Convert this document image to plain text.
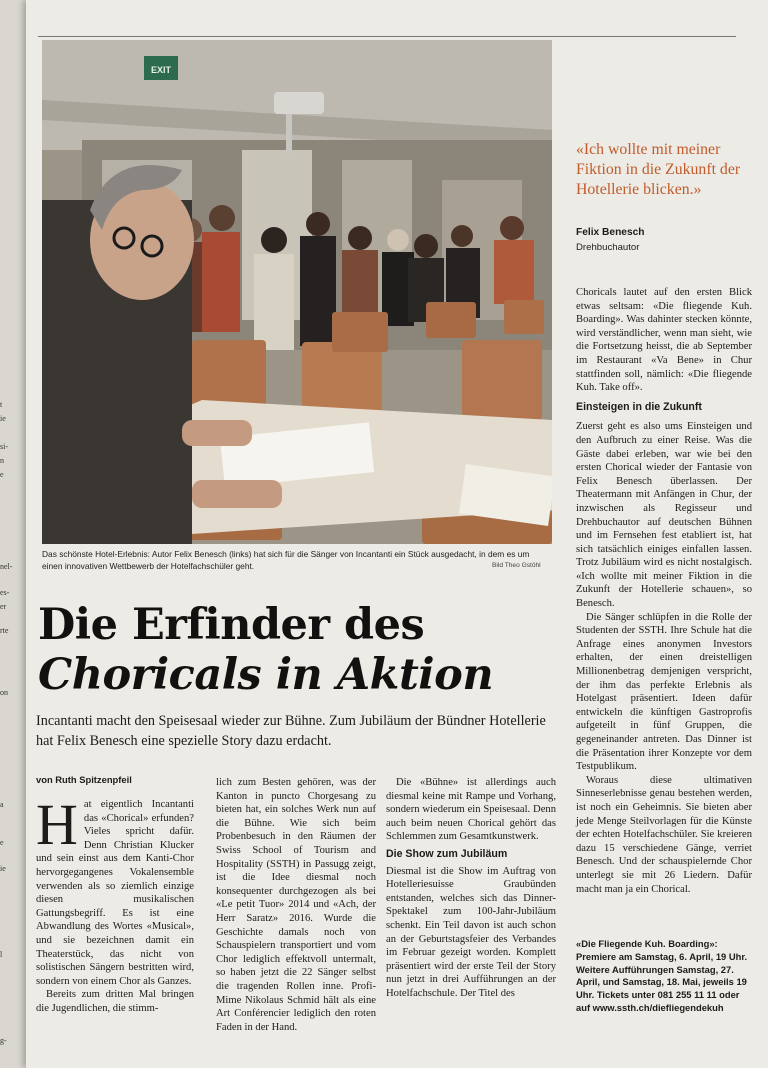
t
ie
si-
n
e
nel-
es-
er
rte
on
a
e
ie
l
g-
EXIT
Das schönste Hotel-Erlebnis: Autor Felix Benesch (links) hat sich für die Sänger von Incantanti ein Stück ausgedacht, in dem es um einen innovativen Wettbewerb der Hotelfachschüler geht.	Bild Theo Gstöhl
«Ich wollte mit meiner Fiktion in die Zukunft der Hotellerie blicken.»
Felix Benesch
Drehbuchautor

Choricals lautet auf den ersten Blick etwas seltsam: «Die fliegende Kuh. Boarding». Was dahinter stecken könnte, wird verständlicher, wenn man sieht, wie die Fortsetzung heisst, die ab September im Restaurant «Va Bene» in Chur stattfinden soll, nämlich: «Die fliegende Kuh. Take off».

Einsteigen in die Zukunft

Zuerst geht es also ums Einsteigen und den Aufbruch zu einer Reise. Was die Gäste dabei erleben, war wie bei den ersten Chorical wieder der Fantasie von Felix Benesch überlassen. Der Theatermann mit Anfängen in Chur, der inzwischen als Regisseur und Drehbuchautor auf deutschen Bühnen und im Fernsehen fest etabliert ist, hat sich tatsächlich einiges einfallen lassen. Trotz Jubiläum wird es nicht nostalgisch. «Ich wollte mit meiner Fiktion in die Zukunft der Hotellerie schauen», so Benesch.

Die Sänger schlüpfen in die Rolle der Studenten der SSTH. Ihre Schule hat die Anfrage eines anonymen Investors erhalten, der einen dreistelligen Millionenbetrag demjenigen verspricht, der ihm das perfekte Erlebnis als Hotelgast präsentiert. Ideen dafür entwickeln die künftigen Gastroprofis aufgeteilt in fünf Gruppen, die gegeneinander antreten. Das Dinner ist die Präsentation ihrer Konzepte vor dem Testpublikum.

Woraus diese ultimativen Sinneserlebnisse genau bestehen werden, ist noch ein Geheimnis. Sie bieten aber jede Menge Steilvorlagen für die Künste der echten Hotelfachschüler. Sie kreieren dazu 15 verschiedene Gänge, verriet Benesch. Und der schauspielernde Chor unterlegt sie mit 26 Liedern. Dafür macht man ja ein Chorical.

«Die Fliegende Kuh. Boarding»: Premiere am Samstag, 6. April, 19 Uhr. Weitere Aufführungen Samstag, 27. April, und Samstag, 18. Mai, jeweils 19 Uhr. Tickets unter 081 255 11 11 oder auf www.ssth.ch/diefliegendekuh
Die Erfinder des
Choricals in Aktion
Incantanti macht den Speisesaal wieder zur Bühne. Zum Jubiläum der Bündner Hotellerie hat Felix Benesch eine spezielle Story dazu erdacht.
von Ruth Spitzenpfeil

Hat eigentlich Incantanti das «Chorical» erfunden? Vieles spricht dafür. Denn Christian Klucker und sein einst aus dem Kanti-Chor hervorgegangenes Vokalensemble verwenden als so ziemlich einzige diesen musikalischen Gattungsbegriff. Es ist eine Abwandlung des Wortes «Musical», und sie bezeichnen damit ein Theaterstück, das nicht von solistischen Sängern bestritten wird, sondern von einem Chor als Ganzes.

Bereits zum dritten Mal bringen die Jugendlichen, die stimm-

lich zum Besten gehören, was der Kanton in puncto Chorgesang zu bieten hat, ein solches Werk nun auf die Bühne. Wie sich beim Probenbesuch in den Räumen der Swiss School of Tourism and Hospitality (SSTH) in Passugg zeigt, ist die Idee diesmal noch konsequenter durchgezogen als bei «Le petit Tuor» 2014 und «Ach, der Herr Saratz» 2016. Wurde die Geschichte damals noch von Schauspielern transportiert und vom Chor lediglich effektvoll untermalt, so haben jetzt die 22 Sänger selbst die tragenden Rollen inne. Profi-Mime Nikolaus Schmid hält als eine Art Conférencier lediglich den roten Faden in der Hand.

Die «Bühne» ist allerdings auch diesmal keine mit Rampe und Vorhang, sondern wiederum ein Speisesaal. Denn auch beim neuen Chorical gehört das Schlemmen zum Gesamtkunstwerk.

Die Show zum Jubiläum

Diesmal ist die Show im Auftrag von Hotelleriesuisse Graubünden entstanden, welches sich das Dinner-Spektakel zum 100-Jahr-Jubiläum schenkt. Ein Teil davon ist auch schon an der Geburtstagsfeier des Verbandes im Februar gezeigt worden. Komplett präsentiert wird der erste Teil der Story nun jetzt in drei Aufführungen an der Hotelfachschule. Der Titel des
